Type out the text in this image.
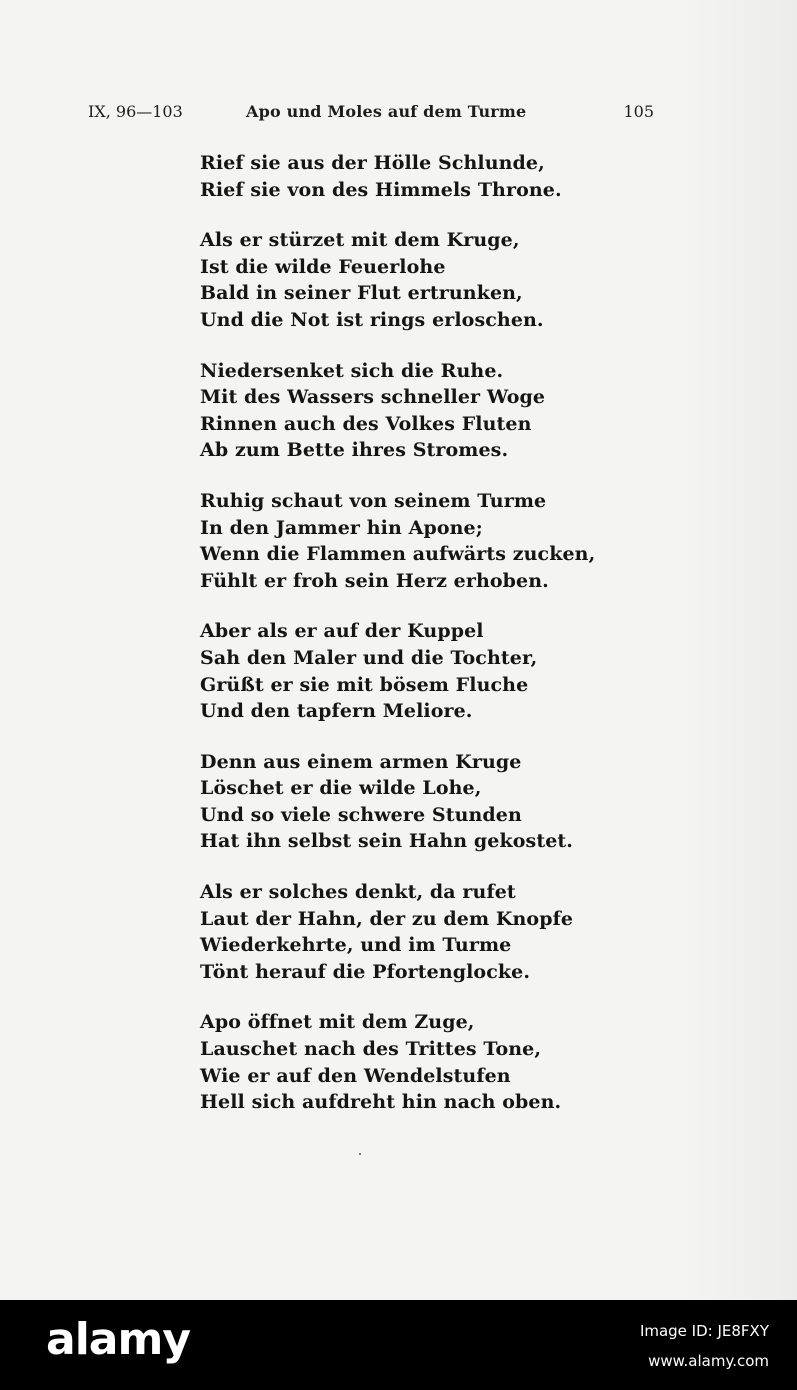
IX, 96—103	Apo und Moles auf dem Turme	105
Rief sie aus der Hölle Schlunde,
Rief sie von des Himmels Throne.
Als er stürzet mit dem Kruge,
Ist die wilde Feuerlohe
Bald in seiner Flut ertrunken,
Und die Not ist rings erloschen.
Niedersenket sich die Ruhe.
Mit des Wassers schneller Woge
Rinnen auch des Volkes Fluten
Ab zum Bette ihres Stromes.
Ruhig schaut von seinem Turme
In den Jammer hin Apone;
Wenn die Flammen aufwärts zucken,
Fühlt er froh sein Herz erhoben.
Aber als er auf der Kuppel
Sah den Maler und die Tochter,
Grüßt er sie mit bösem Fluche
Und den tapfern Meliore.
Denn aus einem armen Kruge
Löschet er die wilde Lohe,
Und so viele schwere Stunden
Hat ihn selbst sein Hahn gekostet.
Als er solches denkt, da rufet
Laut der Hahn, der zu dem Knopfe
Wiederkehrte, und im Turme
Tönt herauf die Pfortenglocke.
Apo öffnet mit dem Zuge,
Lauschet nach des Trittes Tone,
Wie er auf den Wendelstufen
Hell sich aufdreht hin nach oben.
alamy	Image ID: JE8FXY
www.alamy.com
